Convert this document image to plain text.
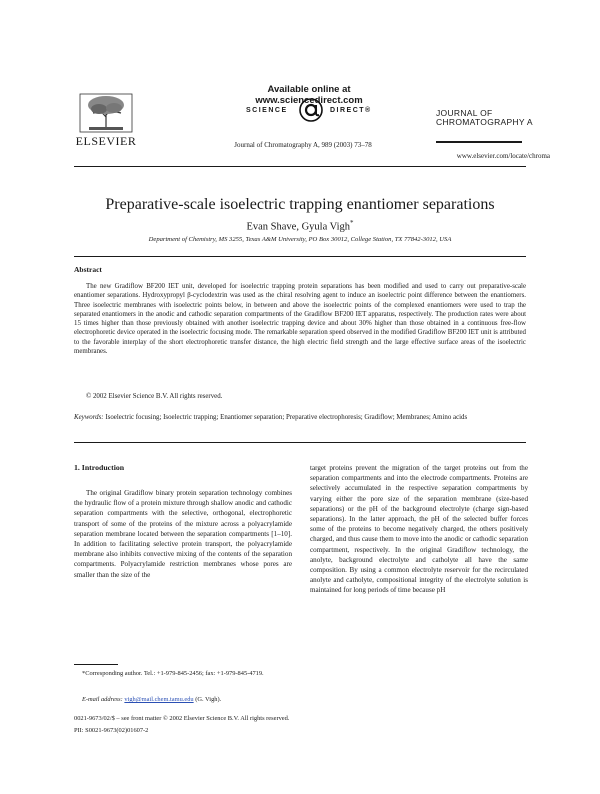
ELSEVIER
Available online at www.sciencedirect.com
SCIENCE	DIRECT®
Journal of Chromatography A, 989 (2003) 73–78
JOURNAL OF
CHROMATOGRAPHY A
www.elsevier.com/locate/chroma
Preparative-scale isoelectric trapping enantiomer separations
Evan Shave, Gyula Vigh*
Department of Chemistry, MS 3255, Texas A&M University, PO Box 30012, College Station, TX 77842-3012, USA
Abstract

The new Gradiflow BF200 IET unit, developed for isoelectric trapping protein separations has been modified and used to carry out preparative-scale enantiomer separations. Hydroxypropyl β-cyclodextrin was used as the chiral resolving agent to induce an isoelectric point difference between the enantiomers. Three isoelectric membranes with isoelectric points below, in between and above the isoelectric points of the complexed enantiomers were used to trap the separated enantiomers in the anodic and cathodic separation compartments of the Gradiflow BF200 IET apparatus, respectively. The production rates were about 15 times higher than those previously obtained with another isoelectric trapping device and about 30% higher than those obtained in a continuous free-flow electrophoretic device operated in the isoelectric focusing mode. The remarkable separation speed observed in the modified Gradiflow BF200 IET unit is attributed to the favorable interplay of the short electrophoretic transfer distance, the high electric field strength and the large effective surface areas of the isoelectric membranes.

© 2002 Elsevier Science B.V. All rights reserved.

Keywords: Isoelectric focusing; Isoelectric trapping; Enantiomer separation; Preparative electrophoresis; Gradiflow; Membranes; Amino acids

1. Introduction

The original Gradiflow binary protein separation technology combines the hydraulic flow of a protein mixture through shallow anodic and cathodic separation compartments with the selective, orthogonal, electrophoretic transport of some of the proteins of the mixture across a polyacrylamide separation membrane located between the separation compartments [1–10]. In addition to facilitating selective protein transport, the polyacrylamide membrane also inhibits convective mixing of the contents of the separation compartments. Polyacrylamide restriction membranes whose pores are smaller than the size of the

target proteins prevent the migration of the target proteins out from the separation compartments and into the electrode compartments. Proteins are selectively accumulated in the respective separation compartments by varying either the pore size of the separation membrane (size-based separations) or the pH of the background electrolyte (charge sign-based separations). In the latter approach, the pH of the selected buffer forces some of the proteins to become negatively charged, the others positively charged, and thus cause them to move into the anodic or cathodic separation compartment, respectively. In the original Gradiflow technology, the anolyte, background electrolyte and catholyte all have the same composition. By using a common electrolyte reservoir for the recirculated anolyte and catholyte, compositional integrity of the electrolyte solution is maintained for long periods of time because pH

*Corresponding author. Tel.: +1-979-845-2456; fax: +1-979-845-4719.

E-mail address: vigh@mail.chem.tamu.edu (G. Vigh).
0021-9673/02/$ – see front matter © 2002 Elsevier Science B.V. All rights reserved.
PII: S0021-9673(02)01607-2
